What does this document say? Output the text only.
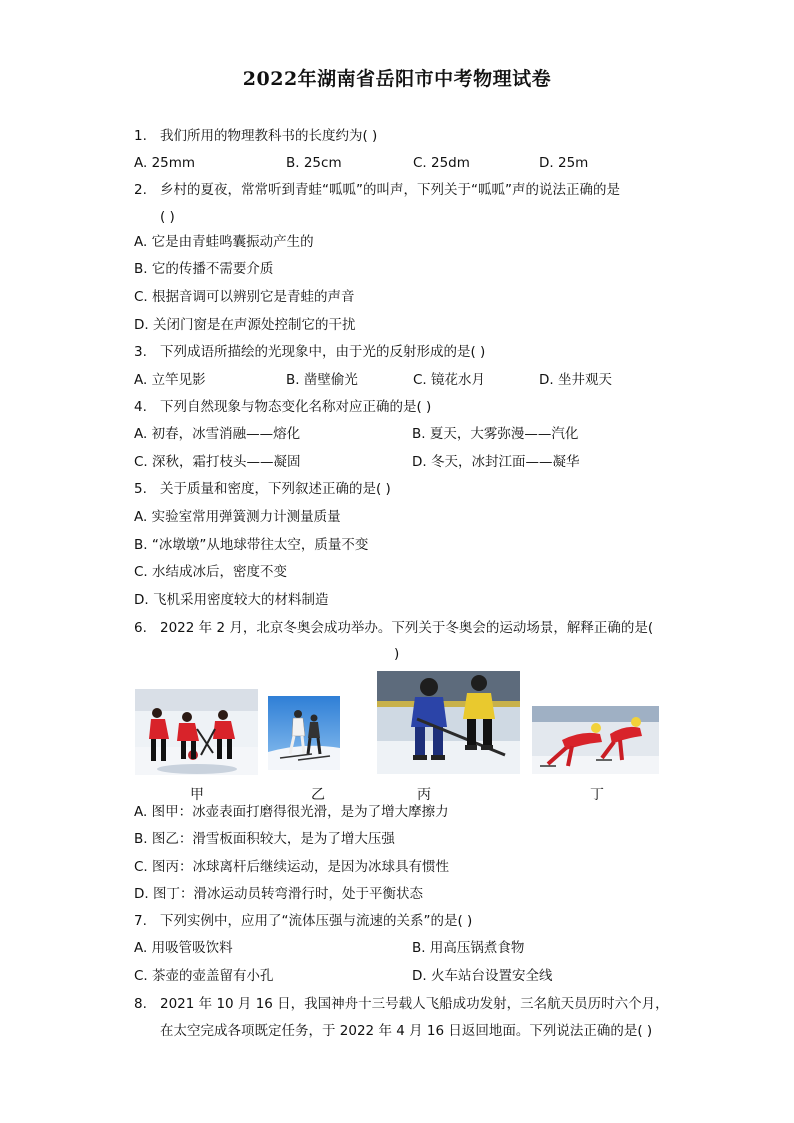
2022年湖南省岳阳市中考物理试卷
1. 我们所用的物理教科书的长度约为( )
A. 25mm	B. 25cm	C. 25dm	D. 25m
2. 乡村的夏夜，常常听到青蛙“呱呱”的叫声，下列关于“呱呱”声的说法正确的是
( )
A. 它是由青蛙鸣囊振动产生的
B. 它的传播不需要介质
C. 根据音调可以辨别它是青蛙的声音
D. 关闭门窗是在声源处控制它的干扰
3. 下列成语所描绘的光现象中，由于光的反射形成的是( )
A. 立竿见影	B. 凿壁偷光	C. 镜花水月	D. 坐井观天
4. 下列自然现象与物态变化名称对应正确的是( )
A. 初春，冰雪消融——熔化	B. 夏天，大雾弥漫——汽化
C. 深秋，霜打枝头——凝固	D. 冬天，冰封江面——凝华
5. 关于质量和密度，下列叙述正确的是( )
A. 实验室常用弹簧测力计测量质量
B. “冰墩墩”从地球带往太空，质量不变
C. 水结成冰后，密度不变
D. 飞机采用密度较大的材料制造
6. 2022 年 2 月，北京冬奥会成功举办。下列关于冬奥会的运动场景，解释正确的是(
)
甲	乙	丙	丁
A. 图甲：冰壶表面打磨得很光滑，是为了增大摩擦力
B. 图乙：滑雪板面积较大，是为了增大压强
C. 图丙：冰球离杆后继续运动，是因为冰球具有惯性
D. 图丁：滑冰运动员转弯滑行时，处于平衡状态
7. 下列实例中，应用了“流体压强与流速的关系”的是( )
A. 用吸管吸饮料	B. 用高压锅煮食物
C. 茶壶的壶盖留有小孔	D. 火车站台设置安全线
8. 2021 年 10 月 16 日，我国神舟十三号载人飞船成功发射，三名航天员历时六个月，
在太空完成各项既定任务，于 2022 年 4 月 16 日返回地面。下列说法正确的是( )
